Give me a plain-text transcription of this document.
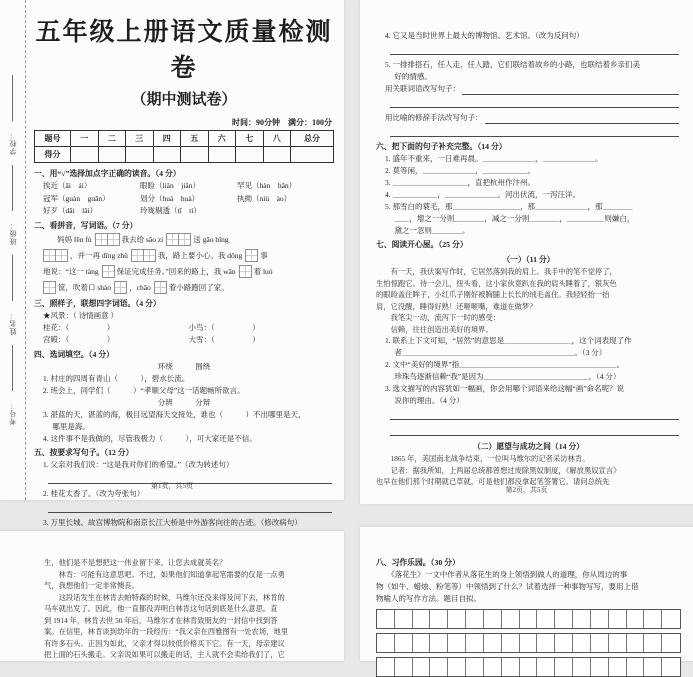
学校：
班级：
姓名：
考号：
五年级上册语文质量检测卷
（期中测试卷）
时间：90分钟　满分：100分
题号	一	二	三	四	五	六	七	八	总分
得分
一、用“√”选择加点字正确的读音。（4 分）
挨近（āi　ái）	眼睑（liǎn　jiǎn）	罕见（hàn　hǎn）
冠军（guàn　guān）	划分（huá　huà）	执拗（niù　ào）
好歹（dǎi　lǎi）	玲珑剔透（tī　tí）
二、看拼音，写词语。（7 分）
妈妈 fēn fù	我去给 sǎo zi	送 gāo bǐng
，并一再 dīng zhǔ	我，路上要小心。我 dǒng 事
地说：“这一 tàng 保证完成任务。”回来的路上，我 wǎn 着 luó
筐，吹着口 shào ，chāo 着小路跑回了家。
三、照样子，联想四字词语。（4 分）
★风景：（ 诗情画意 ）
桂花：（　　　　　）	小鸟：（　　　　　）
宫殿：（　　　　　）	大雪：（　　　　　）
四、选词填空。（4 分）
环绕　　　围绕
1. 村庄的四周有青山（　　　），碧水长流。
2. 班会上，同学们（　　　）“孝顺父母”这一话题畅所欲言。
分辨　　　分辩
3. 湛蓝的天，湛蓝的海，极目远望海天交接处，谁也（　　　）不出哪里是天，
　 哪里是海。
4. 这件事不是我做的，尽管我极力（　　　），可大家还是不信。
五、按要求写句子。（12 分）
1. 父亲对我们说：“这是我对你们的希望。”（改为转述句）
2. 桂花太香了。（改为夸张句）
3. 万里长城、故宫博物院和南京长江大桥是中外游客向往的古迹。（修改病句）
第1页，共5页
4. 它又是当时世界上最大的博物馆、艺术馆。（改为反问句）
5. 一排排搭石，任人走，任人踏，它们联结着故乡的小路，也联结着乡亲们美
　 好的情感。
用关联词语改写句子：
用比喻的修辞手法改写句子：
六、把下面的句子补充完整。（14 分）
1. 盛年不重来，一日难再晨。＿＿＿＿＿＿＿，＿＿＿＿＿＿＿。
2. 莫等闲，＿＿＿＿＿＿＿，＿＿＿＿＿＿。
3. ＿＿＿＿＿＿＿＿＿＿，直把杭州作汴州。
4. ＿＿＿＿＿＿，＿＿＿＿＿＿＿。河出伏流，一泻汪洋。
5. 那雪白的蓑毛，那＿＿＿＿＿＿＿＿＿，那＿＿＿＿＿＿＿，那＿＿＿＿
　 ＿＿，增之一分则＿＿＿＿，减之一分则＿＿＿＿，＿＿＿＿＿则嫌白，
　 黛之一忽则＿＿＿＿。
七、阅读开心屋。（25 分）
（一）（11 分）
　　有一天，我伏案写作时，它居然落到我的肩上。我手中的笔不觉停了，
生怕惊跑它。待一会儿，扭头看，这小家伙竟趴在我的肩头睡着了，银灰色
的眼睑盖住眸子，小红爪子刚好被胸脯上长长的绒毛盖住。我轻轻抬一抬
肩，它没醒，睡得好熟！还咂咂嘴，难道在做梦？
　　我笔尖一动，流泻下一时的感受：
　　信赖，往往创造出美好的境界。
1. 联系上下文可知，“居然”的意思是＿＿＿＿＿＿＿＿＿，这个词表现了作
　 者＿＿＿＿＿＿＿＿＿＿＿＿＿＿＿＿＿＿＿＿＿＿＿。（3 分）
2. 文中“美好的境界”指＿＿＿＿＿＿＿＿＿＿＿＿＿＿＿＿＿＿＿＿＿。
　 珍珠鸟逐渐信赖“我”是因为＿＿＿＿＿＿＿＿＿＿＿＿＿＿。（4 分）
3. 选文描写的内容犹如一幅画，你会用哪个词语来给这幅“画”命名呢？说
　 说你的理由。（4 分）
（二）愿望与成功之间（14 分）
　　1865 年，美国南北战争结束，一位叫马维尔的记者采访林肯。
　　记者：据我所知，上两届总统都曾想过废除黑奴制度，《解放黑奴宣言》
也早在他们那个时期就已草就，可是他们都没拿起笔签署它。请问总统先
第2页，共5页
生，他们是不是想把这一伟业留下来，让您去成就英名？
　　林肯：可能有这意思吧。不过，如果他们知道拿起笔需要的仅是一点勇
气，我想他们一定非常懊丧。
　　这段话发生在林肯去帕特森的时候，马维尔还没来得及问下去，林肯的
马车就出发了。因此，他一直都没弄明白林肯这句话到底是什么意思。直
到 1914 年，林肯去世 50 年后，马维尔才在林肯致朋友的一封信中找到答
案。在信里，林肯谈到幼年的一段经历：“我父亲在西雅图有一处农场，地里
有许多石头。正因为如此，父亲才得以较低价格买下它。有一天，母亲建议
把上面的石头搬走。父亲说如果可以搬走的话，主人就不会卖给我们了，它
八、习作乐园。（30 分）
　　《落花生》一文中作者从落花生的身上领悟到做人的道理，你从周边的事
物（如牛、蜡烛、粉笔等）中领悟到了什么？试着选择一种事物写写，要用上借
物喻人的写作方法。题目自拟。
